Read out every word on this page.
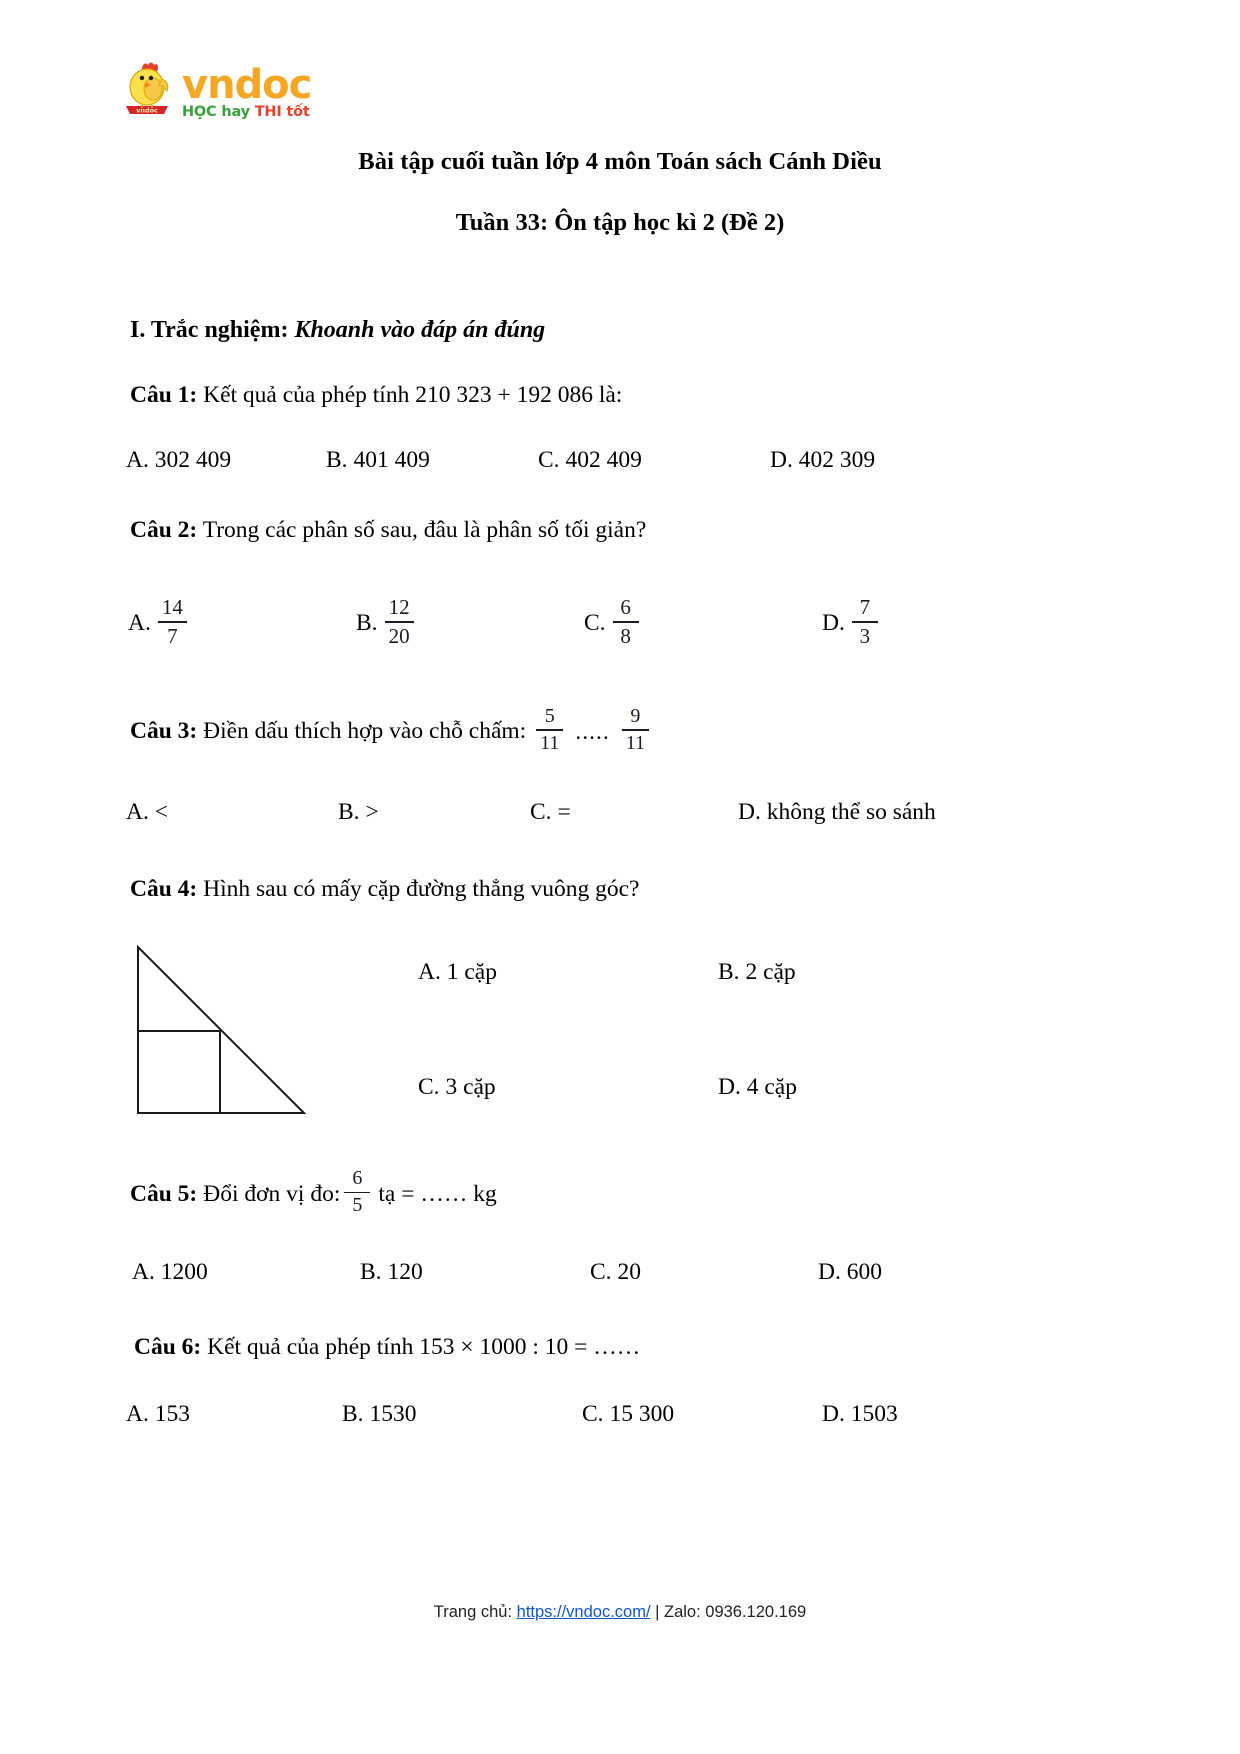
vndoc
vndoc
HỌC hay THI tốt
Bài tập cuối tuần lớp 4 môn Toán sách Cánh Diều
Tuần 33: Ôn tập học kì 2 (Đề 2)
I. Trắc nghiệm: Khoanh vào đáp án đúng
Câu 1: Kết quả của phép tính 210 323 + 192 086 là:
A. 302 409	B. 401 409	C. 402 409	D. 402 309
Câu 2: Trong các phân số sau, đâu là phân số tối giản?
A. $\frac{14}{7}$	B. $\frac{12}{20}$	C. $\frac{6}{8}$	D. $\frac{7}{3}$
Câu 3: Điền dấu thích hợp vào chỗ chấm: $\frac{5}{11}$ ..... $\frac{9}{11}$
A. <	B. >	C. =	D. không thể so sánh
Câu 4: Hình sau có mấy cặp đường thẳng vuông góc?
A. 1 cặp	B. 2 cặp
C. 3 cặp	D. 4 cặp
Câu 5: Đổi đơn vị đo: $\frac{6}{5}$ tạ = …… kg
A. 1200	B. 120	C. 20	D. 600
Câu 6: Kết quả của phép tính 153 × 1000 : 10 = ……
A. 153	B. 1530	C. 15 300	D. 1503
Trang chủ: https://vndoc.com/ | Zalo: 0936.120.169
